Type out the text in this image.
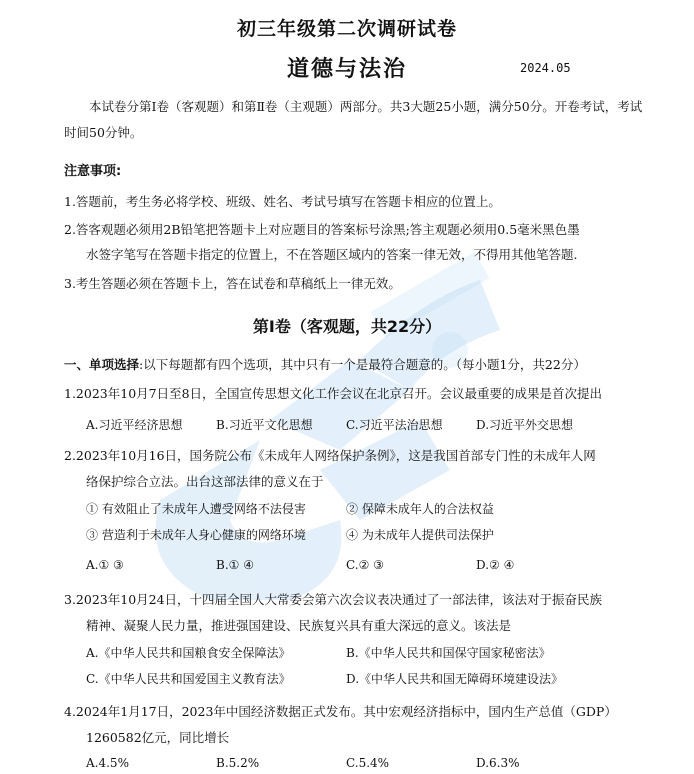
初三年级第二次调研试卷
道德与法治	2024.05
本试卷分第I卷（客观题）和第Ⅱ卷（主观题）两部分。共3大题25小题，满分50分。开卷考试，考试时间50分钟。
注意事项:
1.答题前，考生务必将学校、班级、姓名、考试号填写在答题卡相应的位置上。
2.答客观题必须用2B铅笔把答题卡上对应题目的答案标号涂黑;答主观题必须用0.5毫米黑色墨
水签字笔写在答题卡指定的位置上，不在答题区域内的答案一律无效，不得用其他笔答题.
3.考生答题必须在答题卡上，答在试卷和草稿纸上一律无效。
第I卷（客观题，共22分）
一、单项选择:以下每题都有四个选项，其中只有一个是最符合题意的。（每小题1分，共22分）
1.2023年10月7日至8日，全国宣传思想文化工作会议在北京召开。会议最重要的成果是首次提出
A.习近平经济思想	B.习近平文化思想	C.习近平法治思想	D.习近平外交思想
2.2023年10月16日，国务院公布《未成年人网络保护条例》，这是我国首部专门性的未成年人网
络保护综合立法。出台这部法律的意义在于
① 有效阻止了未成年人遭受网络不法侵害	② 保障未成年人的合法权益
③ 营造利于未成年人身心健康的网络环境	④ 为未成年人提供司法保护
A.① ③	B.① ④	C.② ③	D.② ④
3.2023年10月24日，十四届全国人大常委会第六次会议表决通过了一部法律，该法对于振奋民族
精神、凝聚人民力量，推进强国建设、民族复兴具有重大深远的意义。该法是
A.《中华人民共和国粮食安全保障法》	B.《中华人民共和国保守国家秘密法》
C.《中华人民共和国爱国主义教育法》	D.《中华人民共和国无障碍环境建设法》
4.2024年1月17日，2023年中国经济数据正式发布。其中宏观经济指标中，国内生产总值（GDP）
1260582亿元，同比增长
A.4.5%	B.5.2%	C.5.4%	D.6.3%
